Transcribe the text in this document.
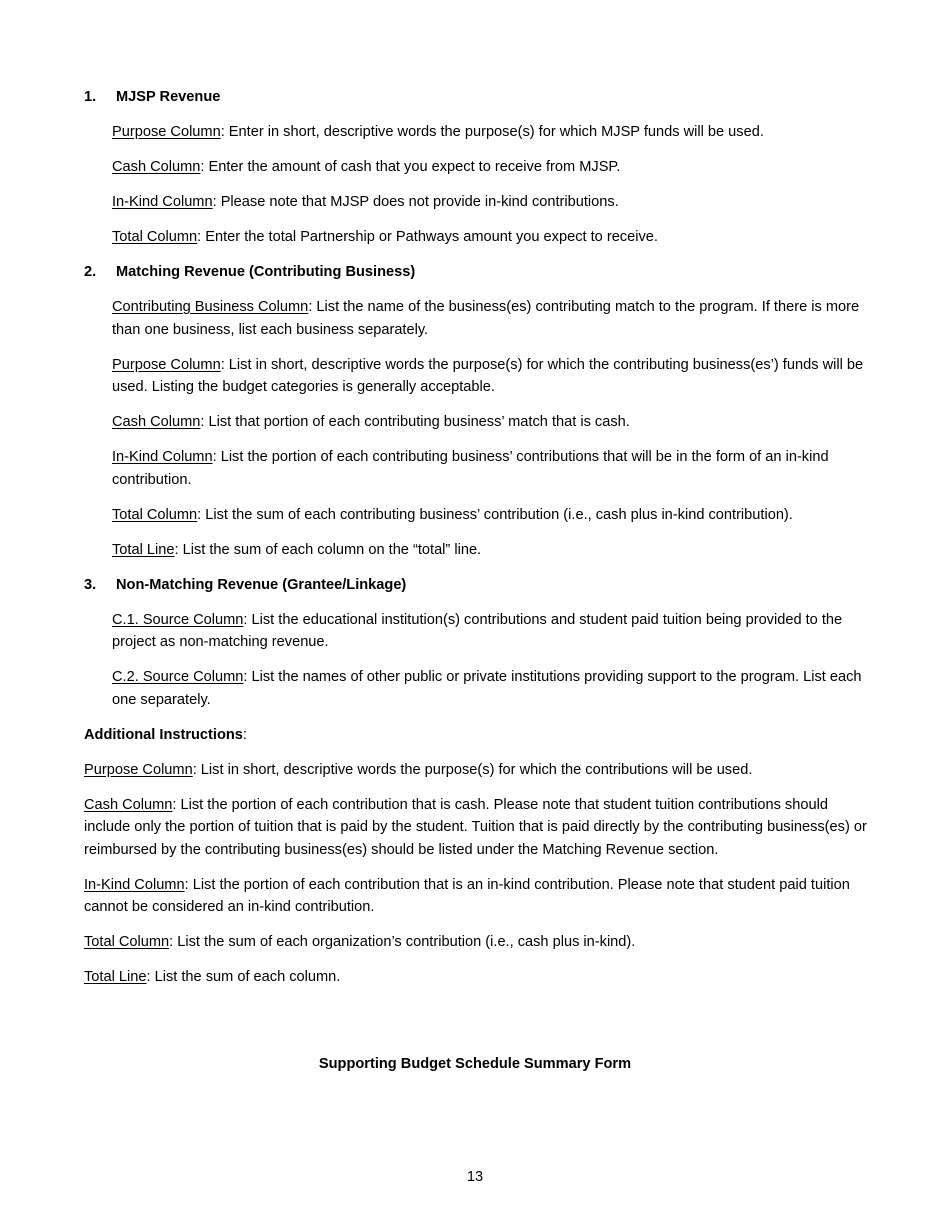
1.	MJSP Revenue

Purpose Column: Enter in short, descriptive words the purpose(s) for which MJSP funds will be used.

Cash Column: Enter the amount of cash that you expect to receive from MJSP.

In-Kind Column: Please note that MJSP does not provide in-kind contributions.

Total Column: Enter the total Partnership or Pathways amount you expect to receive.

2.	Matching Revenue (Contributing Business)

Contributing Business Column: List the name of the business(es) contributing match to the program. If there is more than one business, list each business separately.

Purpose Column: List in short, descriptive words the purpose(s) for which the contributing business(es’) funds will be used. Listing the budget categories is generally acceptable.

Cash Column: List that portion of each contributing business’ match that is cash.

In-Kind Column: List the portion of each contributing business’ contributions that will be in the form of an in-kind contribution.

Total Column: List the sum of each contributing business’ contribution (i.e., cash plus in-kind contribution).

Total Line: List the sum of each column on the “total” line.

3.	Non-Matching Revenue (Grantee/Linkage)

C.1. Source Column: List the educational institution(s) contributions and student paid tuition being provided to the project as non-matching revenue.

C.2. Source Column: List the names of other public or private institutions providing support to the program. List each one separately.

Additional Instructions:

Purpose Column: List in short, descriptive words the purpose(s) for which the contributions will be used.

Cash Column: List the portion of each contribution that is cash. Please note that student tuition contributions should include only the portion of tuition that is paid by the student. Tuition that is paid directly by the contributing business(es) or reimbursed by the contributing business(es) should be listed under the Matching Revenue section.

In-Kind Column: List the portion of each contribution that is an in-kind contribution. Please note that student paid tuition cannot be considered an in-kind contribution.

Total Column: List the sum of each organization’s contribution (i.e., cash plus in-kind).

Total Line: List the sum of each column.

Supporting Budget Schedule Summary Form
13
